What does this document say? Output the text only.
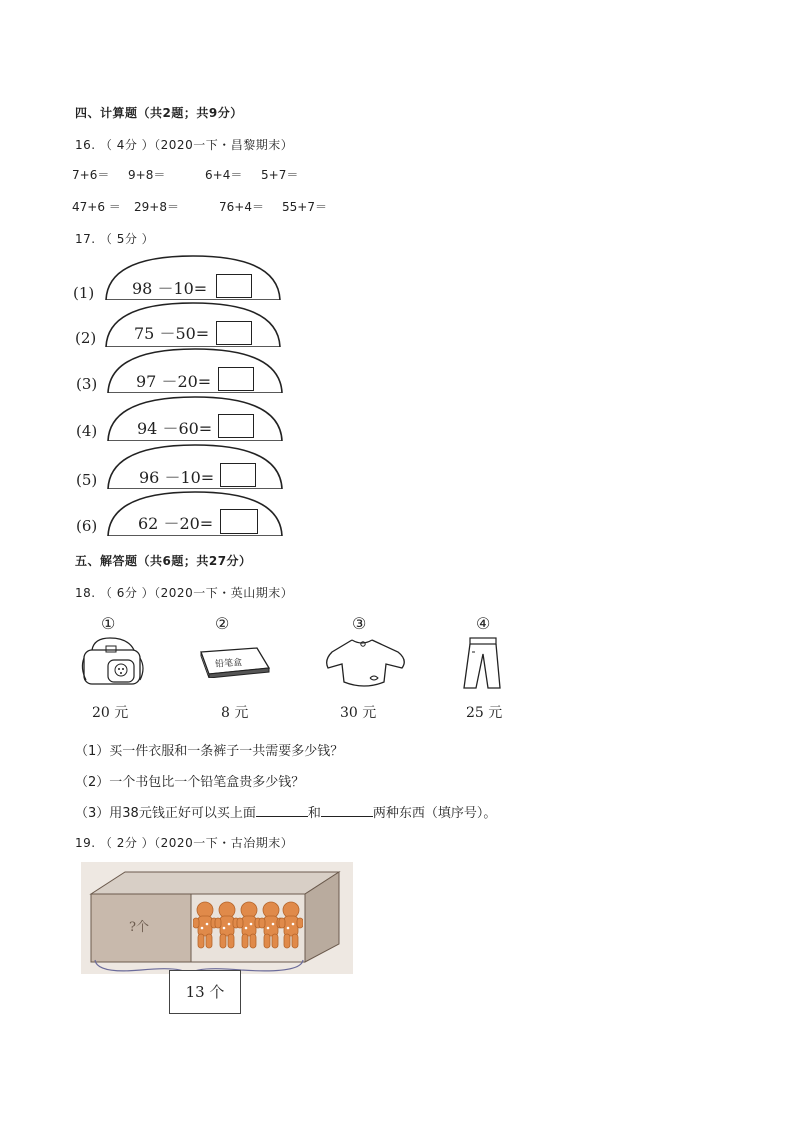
四、计算题（共2题；共9分）
16. （ 4分 ）（2020一下・昌黎期末）
7+6＝ 9+8＝	6+4＝ 5+7＝
47+6 ＝ 29+8＝	76+4＝ 55+7＝
17. （ 5分 ）
(1) 98 －10=
(2) 75 －50=
(3) 97 －20=
(4) 94 －60=
(5)	96 －10=
(6)	62 －20=
五、解答题（共6题；共27分）
18. （ 6分 ）（2020一下・英山期末）
①
20 元
②
铅笔盒
8 元
③
30 元
④
25 元
（1）买一件衣服和一条裤子一共需要多少钱？
（2）一个书包比一个铅笔盒贵多少钱？
（3）用38元钱正好可以买上面	和	两种东西（填序号）。
19. （ 2分 ）（2020一下・古冶期末）
?个
13 个
